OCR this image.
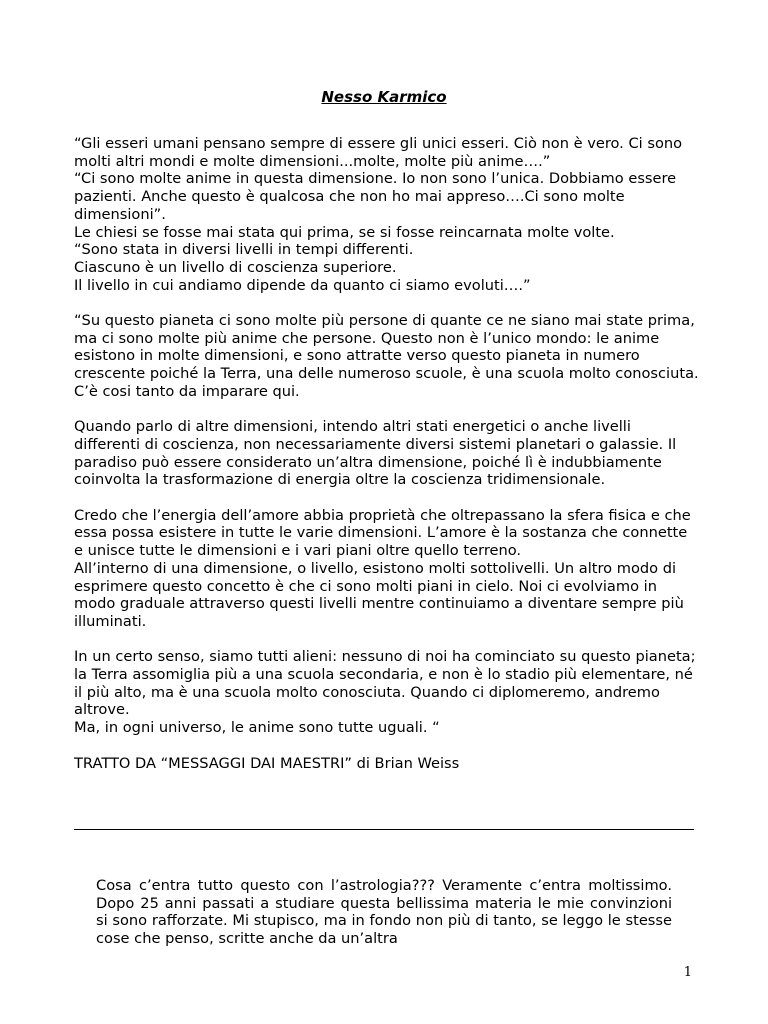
Nesso Karmico

“Gli esseri umani pensano sempre di essere gli unici esseri. Ciò non è vero. Ci sono molti altri mondi e molte dimensioni...molte, molte più anime….”
“Ci sono molte anime in questa dimensione. Io non sono l’unica. Dobbiamo essere pazienti. Anche questo è qualcosa che non ho mai appreso….Ci sono molte dimensioni”.
Le chiesi se fosse mai stata qui prima, se si fosse reincarnata molte volte.
“Sono stata in diversi livelli in tempi differenti.
Ciascuno è un livello di coscienza superiore.
Il livello in cui andiamo dipende da quanto ci siamo evoluti….”

“Su questo pianeta ci sono molte più persone di quante ce ne siano mai state prima, ma ci sono molte più anime che persone. Questo non è l’unico mondo: le anime esistono in molte dimensioni, e sono attratte verso questo pianeta in numero crescente poiché la Terra, una delle numeroso scuole, è una scuola molto conosciuta. C’è cosi tanto da imparare qui.

Quando parlo di altre dimensioni, intendo altri stati energetici o anche livelli differenti di coscienza, non necessariamente diversi sistemi planetari o galassie. Il paradiso può essere considerato un’altra dimensione, poiché lì è indubbiamente coinvolta la trasformazione di energia oltre la coscienza tridimensionale.

Credo che l’energia dell’amore abbia proprietà che oltrepassano la sfera fisica e che essa possa esistere in tutte le varie dimensioni. L’amore è la sostanza che connette e unisce tutte le dimensioni e i vari piani oltre quello terreno.
All’interno di una dimensione, o livello, esistono molti sottolivelli. Un altro modo di esprimere questo concetto è che ci sono molti piani in cielo. Noi ci evolviamo in modo graduale attraverso questi livelli mentre continuiamo a diventare sempre più illuminati.

In un certo senso, siamo tutti alieni: nessuno di noi ha cominciato su questo pianeta; la Terra assomiglia più a una scuola secondaria, e non è lo stadio più elementare, né il più alto, ma è una scuola molto conosciuta. Quando ci diplomeremo, andremo altrove.
Ma, in ogni universo, le anime sono tutte uguali. “

TRATTO DA “MESSAGGI DAI MAESTRI” di Brian Weiss

Cosa c’entra tutto questo con l’astrologia??? Veramente c’entra moltissimo. Dopo 25 anni passati a studiare questa bellissima materia le mie convinzioni si sono rafforzate. Mi stupisco, ma in fondo non più di tanto, se leggo le stesse cose che penso, scritte anche da un’altra
1
